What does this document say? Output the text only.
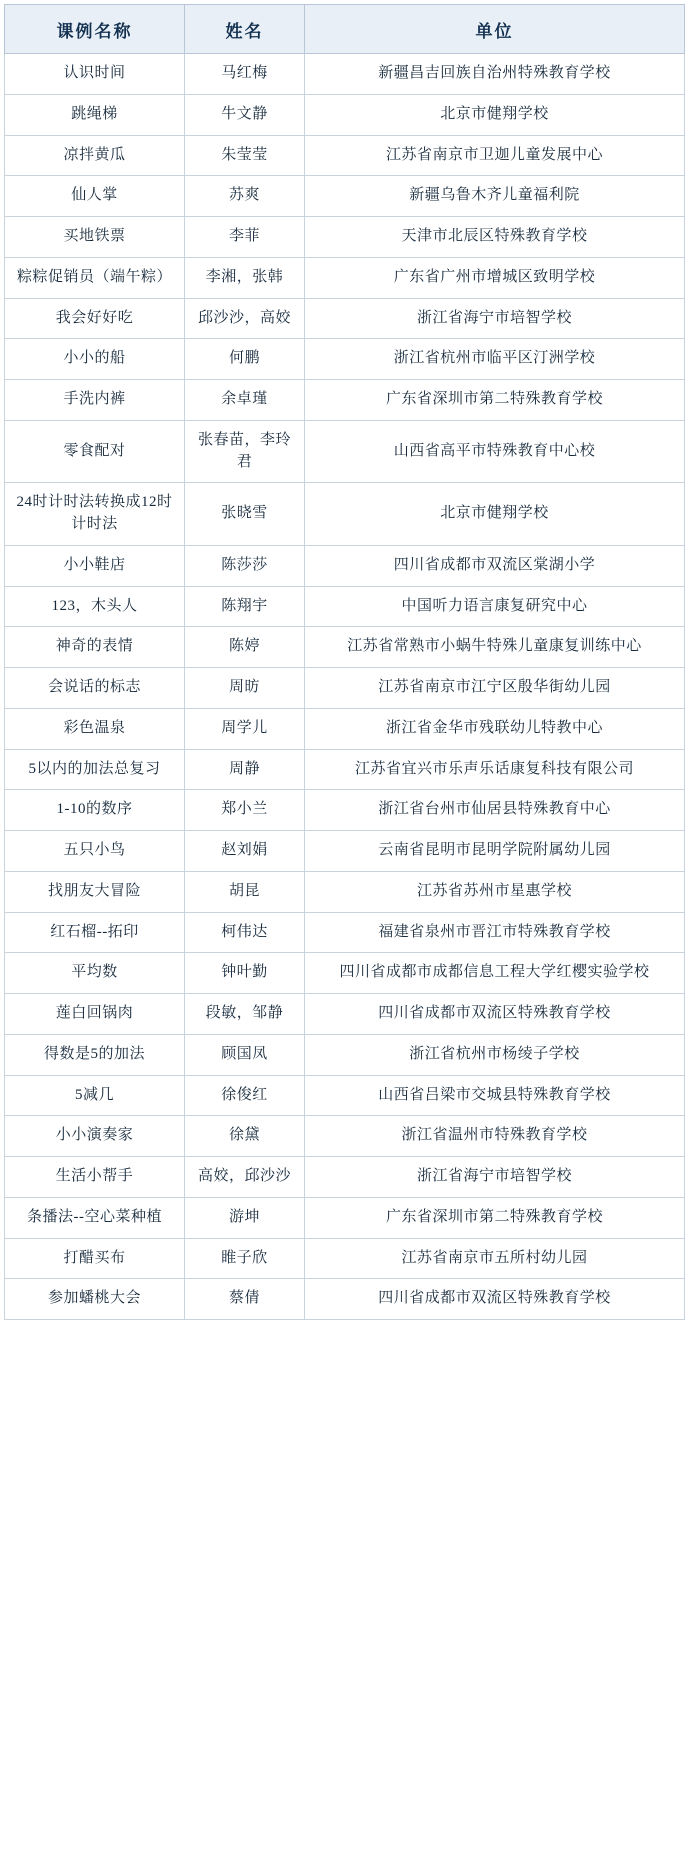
课例名称	姓名	单位
认识时间	马红梅	新疆昌吉回族自治州特殊教育学校
跳绳梯	牛文静	北京市健翔学校
凉拌黄瓜	朱莹莹	江苏省南京市卫迦儿童发展中心
仙人掌	苏爽	新疆乌鲁木齐儿童福利院
买地铁票	李菲	天津市北辰区特殊教育学校
粽粽促销员（端午粽）	李湘，张韩	广东省广州市增城区致明学校
我会好好吃	邱沙沙，高姣	浙江省海宁市培智学校
小小的船	何鹏	浙江省杭州市临平区汀洲学校
手洗内裤	余卓瑾	广东省深圳市第二特殊教育学校
零食配对	张春苗，李玲君	山西省高平市特殊教育中心校
24时计时法转换成12时计时法	张晓雪	北京市健翔学校
小小鞋店	陈莎莎	四川省成都市双流区棠湖小学
123，木头人	陈翔宇	中国听力语言康复研究中心
神奇的表情	陈婷	江苏省常熟市小蜗牛特殊儿童康复训练中心
会说话的标志	周昉	江苏省南京市江宁区殷华街幼儿园
彩色温泉	周学儿	浙江省金华市残联幼儿特教中心
5以内的加法总复习	周静	江苏省宜兴市乐声乐话康复科技有限公司
1-10的数序	郑小兰	浙江省台州市仙居县特殊教育中心
五只小鸟	赵刘娟	云南省昆明市昆明学院附属幼儿园
找朋友大冒险	胡昆	江苏省苏州市星惠学校
红石榴--拓印	柯伟达	福建省泉州市晋江市特殊教育学校
平均数	钟叶勤	四川省成都市成都信息工程大学红樱实验学校
莲白回锅肉	段敏，邹静	四川省成都市双流区特殊教育学校
得数是5的加法	顾国凤	浙江省杭州市杨绫子学校
5减几	徐俊红	山西省吕梁市交城县特殊教育学校
小小演奏家	徐黛	浙江省温州市特殊教育学校
生活小帮手	高姣，邱沙沙	浙江省海宁市培智学校
条播法--空心菜种植	游坤	广东省深圳市第二特殊教育学校
打醋买布	睢子欣	江苏省南京市五所村幼儿园
参加蟠桃大会	蔡倩	四川省成都市双流区特殊教育学校
